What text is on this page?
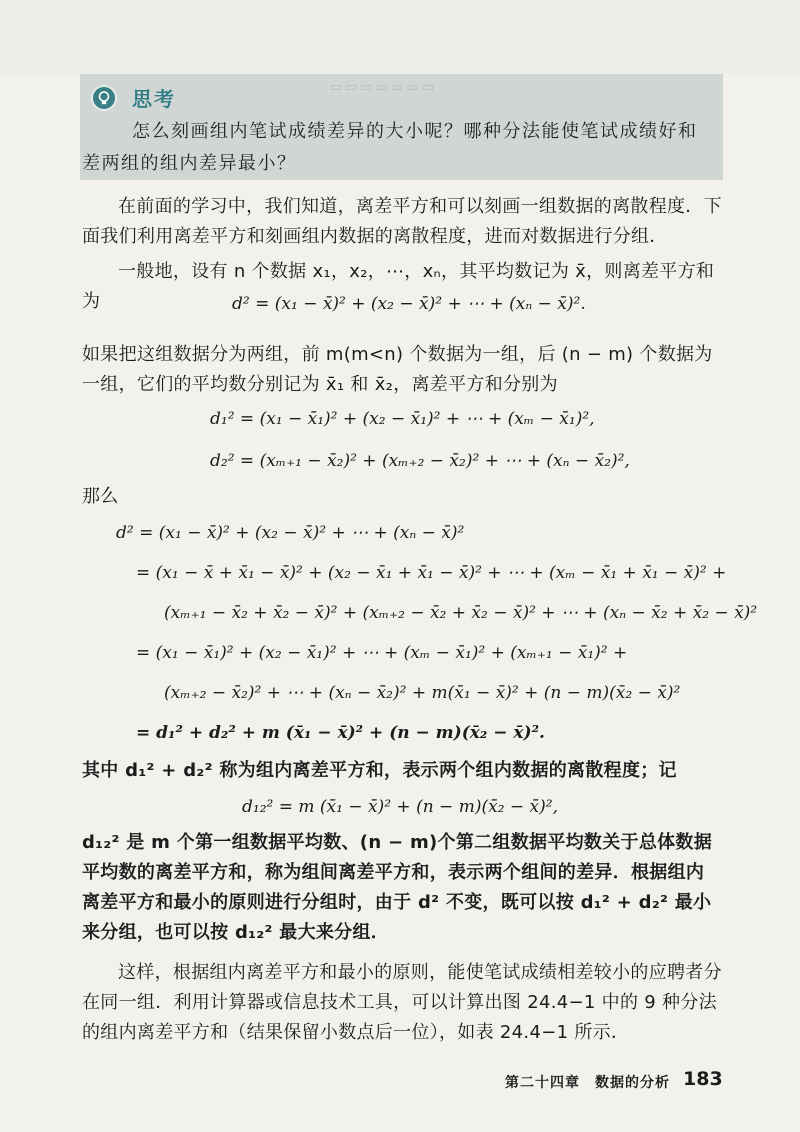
▭▭▭▭▭▭▭
思考
怎么刻画组内笔试成绩差异的大小呢？哪种分法能使笔试成绩好和差两组的组内差异最小？
在前面的学习中，我们知道，离差平方和可以刻画一组数据的离散程度．下面我们利用离差平方和刻画组内数据的离散程度，进而对数据进行分组．
一般地，设有 n 个数据 x₁，x₂，⋯，xₙ，其平均数记为 x̄，则离差平方和为	d² = (x₁ − x̄)² + (x₂ − x̄)² + ⋯ + (xₙ − x̄)².
如果把这组数据分为两组，前 m(m<n) 个数据为一组，后 (n − m) 个数据为一组，它们的平均数分别记为 x̄₁ 和 x̄₂，离差平方和分别为
d₁² = (x₁ − x̄₁)² + (x₂ − x̄₁)² + ⋯ + (xₘ − x̄₁)²,
d₂² = (xₘ₊₁ − x̄₂)² + (xₘ₊₂ − x̄₂)² + ⋯ + (xₙ − x̄₂)²,
那么
d² = (x₁ − x̄)² + (x₂ − x̄)² + ⋯ + (xₙ − x̄)²
= (x₁ − x̄ + x̄₁ − x̄)² + (x₂ − x̄₁ + x̄₁ − x̄)² + ⋯ + (xₘ − x̄₁ + x̄₁ − x̄)² +
(xₘ₊₁ − x̄₂ + x̄₂ − x̄)² + (xₘ₊₂ − x̄₂ + x̄₂ − x̄)² + ⋯ + (xₙ − x̄₂ + x̄₂ − x̄)²
= (x₁ − x̄₁)² + (x₂ − x̄₁)² + ⋯ + (xₘ − x̄₁)² + (xₘ₊₁ − x̄₁)² +
(xₘ₊₂ − x̄₂)² + ⋯ + (xₙ − x̄₂)² + m(x̄₁ − x̄)² + (n − m)(x̄₂ − x̄)²
= d₁² + d₂² + m (x̄₁ − x̄)² + (n − m)(x̄₂ − x̄)².
其中 d₁² + d₂² 称为组内离差平方和，表示两个组内数据的离散程度；记
d₁₂² = m (x̄₁ − x̄)² + (n − m)(x̄₂ − x̄)²,
d₁₂² 是 m 个第一组数据平均数、(n − m)个第二组数据平均数关于总体数据平均数的离差平方和，称为组间离差平方和，表示两个组间的差异．根据组内离差平方和最小的原则进行分组时，由于 d² 不变，既可以按 d₁² + d₂² 最小来分组，也可以按 d₁₂² 最大来分组．
这样，根据组内离差平方和最小的原则，能使笔试成绩相差较小的应聘者分在同一组．利用计算器或信息技术工具，可以计算出图 24.4−1 中的 9 种分法的组内离差平方和（结果保留小数点后一位），如表 24.4−1 所示．
第二十四章　数据的分析 183
